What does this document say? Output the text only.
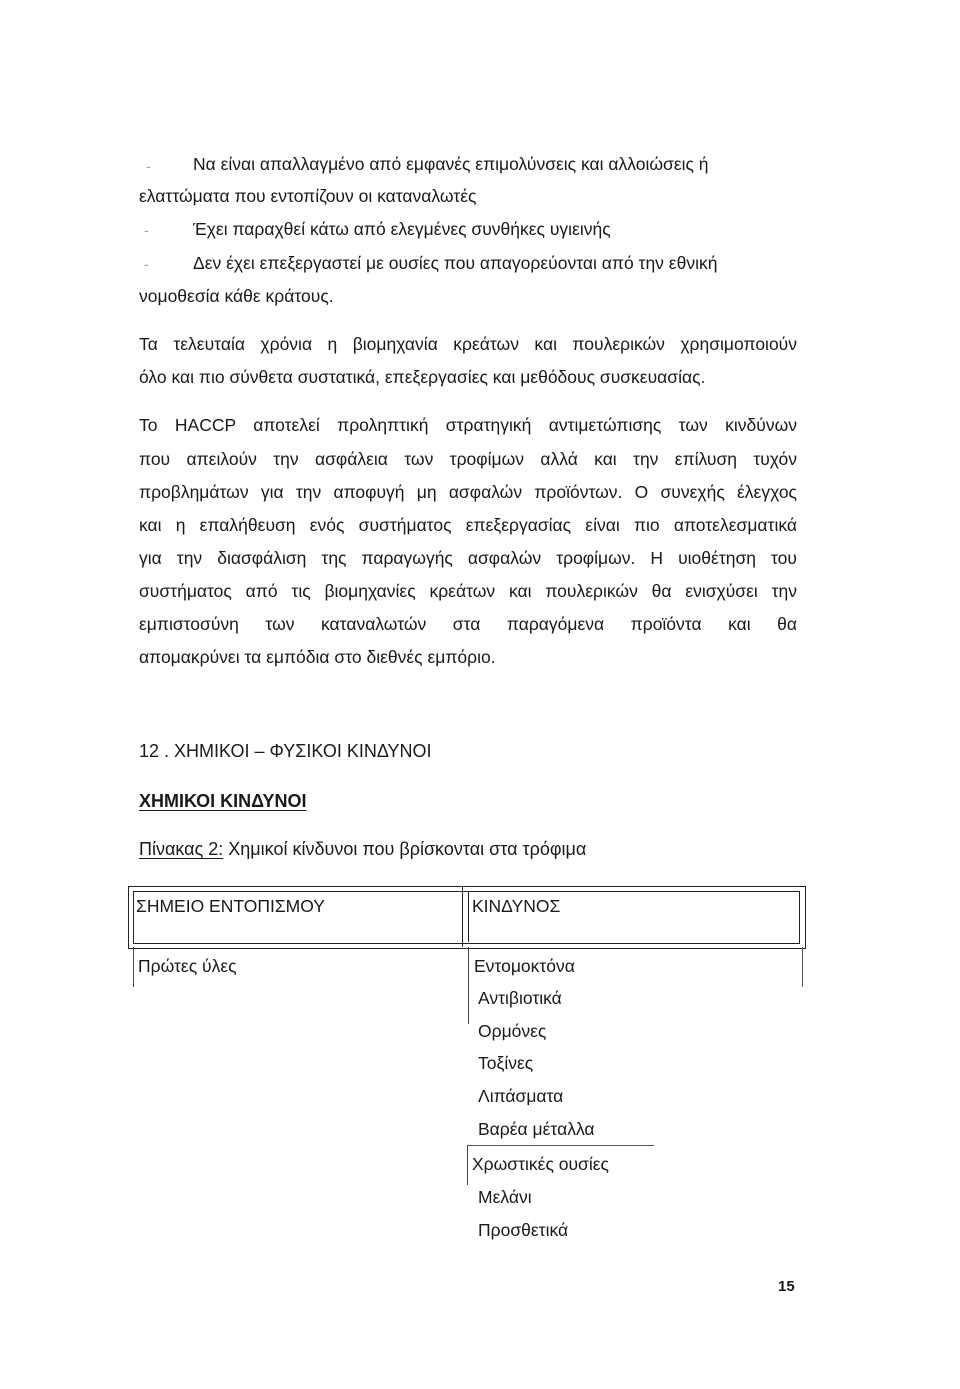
-
-
-
Να είναι απαλλαγμένο από εμφανές επιμολύνσεις και αλλοιώσεις ή
ελαττώματα που εντοπίζουν οι καταναλωτές
Έχει παραχθεί κάτω από ελεγμένες συνθήκες υγιεινής
Δεν έχει επεξεργαστεί με ουσίες που απαγορεύονται από την εθνική
νομοθεσία κάθε κράτους.
Τα τελευταία χρόνια η βιομηχανία κρεάτων και πουλερικών χρησιμοποιούν
όλο και πιο σύνθετα συστατικά, επεξεργασίες και μεθόδους συσκευασίας.
Το HACCP αποτελεί προληπτική στρατηγική αντιμετώπισης των κινδύνων
που απειλούν την ασφάλεια των τροφίμων αλλά και την επίλυση τυχόν
προβλημάτων για την αποφυγή μη ασφαλών προϊόντων. Ο συνεχής έλεγχος
και η επαλήθευση ενός συστήματος επεξεργασίας είναι πιο αποτελεσματικά
για την διασφάλιση της παραγωγής ασφαλών τροφίμων. Η υιοθέτηση του
συστήματος από τις βιομηχανίες κρεάτων και πουλερικών θα ενισχύσει την
εμπιστοσύνη των καταναλωτών στα παραγόμενα προϊόντα και θα
απομακρύνει τα εμπόδια στο διεθνές εμπόριο.
12 . ΧΗΜΙΚΟΙ – ΦΥΣΙΚΟΙ ΚΙΝΔΥΝΟΙ
ΧΗΜΙΚΟΙ ΚΙΝΔΥΝΟΙ
Πίνακας 2: Χημικοί κίνδυνοι που βρίσκονται στα τρόφιμα
ΣΗΜΕΙΟ ΕΝΤΟΠΙΣΜΟΥ	ΚΙΝΔΥΝΟΣ
Πρώτες ύλες	Εντομοκτόνα
Αντιβιοτικά
Ορμόνες
Τοξίνες
Λιπάσματα
Βαρέα μέταλλα
Χρωστικές ουσίες
Μελάνι
Προσθετικά
15
